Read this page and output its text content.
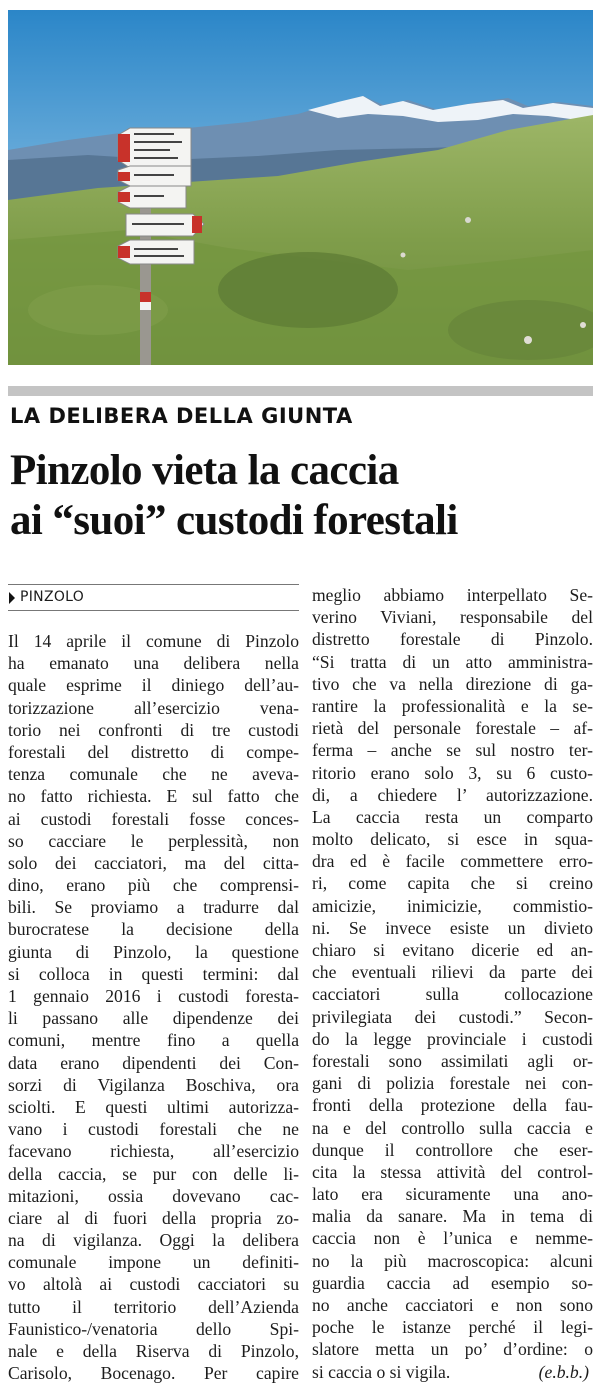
LA DELIBERA DELLA GIUNTA
Pinzolo vieta la caccia
ai “suoi” custodi forestali
PINZOLO
Il 14 aprile il comune di Pinzolo
ha emanato una delibera nella
quale esprime il diniego dell’au-
torizzazione all’esercizio vena-
torio nei confronti di tre custodi
forestali del distretto di compe-
tenza comunale che ne aveva-
no fatto richiesta. E sul fatto che
ai custodi forestali fosse conces-
so cacciare le perplessità, non
solo dei cacciatori, ma del citta-
dino, erano più che comprensi-
bili. Se proviamo a tradurre dal
burocratese la decisione della
giunta di Pinzolo, la questione
si colloca in questi termini: dal
1 gennaio 2016 i custodi foresta-
li passano alle dipendenze dei
comuni, mentre fino a quella
data erano dipendenti dei Con-
sorzi di Vigilanza Boschiva, ora
sciolti. E questi ultimi autorizza-
vano i custodi forestali che ne
facevano richiesta, all’esercizio
della caccia, se pur con delle li-
mitazioni, ossia dovevano cac-
ciare al di fuori della propria zo-
na di vigilanza. Oggi la delibera
comunale impone un definiti-
vo altolà ai custodi cacciatori su
tutto il territorio dell’Azienda
Faunistico-/venatoria dello Spi-
nale e della Riserva di Pinzolo,
Carisolo, Bocenago. Per capire
meglio abbiamo interpellato Se-
verino Viviani, responsabile del
distretto forestale di Pinzolo.
“Si tratta di un atto amministra-
tivo che va nella direzione di ga-
rantire la professionalità e la se-
rietà del personale forestale – af-
ferma – anche se sul nostro ter-
ritorio erano solo 3, su 6 custo-
di, a chiedere l’ autorizzazione.
La caccia resta un comparto
molto delicato, si esce in squa-
dra ed è facile commettere erro-
ri, come capita che si creino
amicizie, inimicizie, commistio-
ni. Se invece esiste un divieto
chiaro si evitano dicerie ed an-
che eventuali rilievi da parte dei
cacciatori sulla collocazione
privilegiata dei custodi.” Secon-
do la legge provinciale i custodi
forestali sono assimilati agli or-
gani di polizia forestale nei con-
fronti della protezione della fau-
na e del controllo sulla caccia e
dunque il controllore che eser-
cita la stessa attività del control-
lato era sicuramente una ano-
malia da sanare. Ma in tema di
caccia non è l’unica e nemme-
no la più macroscopica: alcuni
guardia caccia ad esempio so-
no anche cacciatori e non sono
poche le istanze perché il legi-
slatore metta un po’ d’ordine: o
si caccia o si vigila.	(e.b.b.)
